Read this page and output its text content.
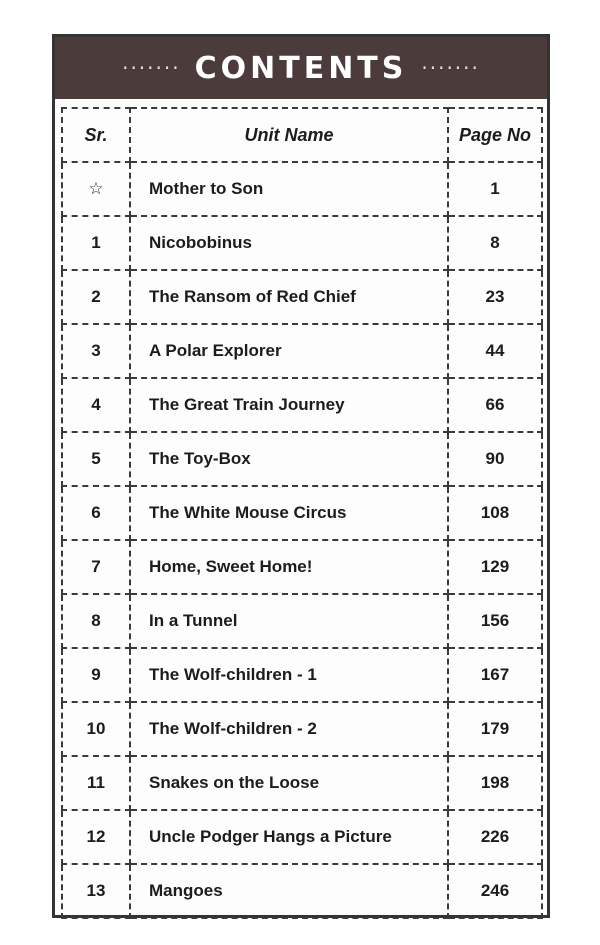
······· CONTENTS ·······
Sr.	Unit Name	Page No
☆	Mother to Son	1
1	Nicobobinus	8
2	The Ransom of Red Chief	23
3	A Polar Explorer	44
4	The Great Train Journey	66
5	The Toy-Box	90
6	The White Mouse Circus	108
7	Home, Sweet Home!	129
8	In a Tunnel	156
9	The Wolf-children - 1	167
10	The Wolf-children - 2	179
11	Snakes on the Loose	198
12	Uncle Podger Hangs a Picture	226
13	Mangoes	246
